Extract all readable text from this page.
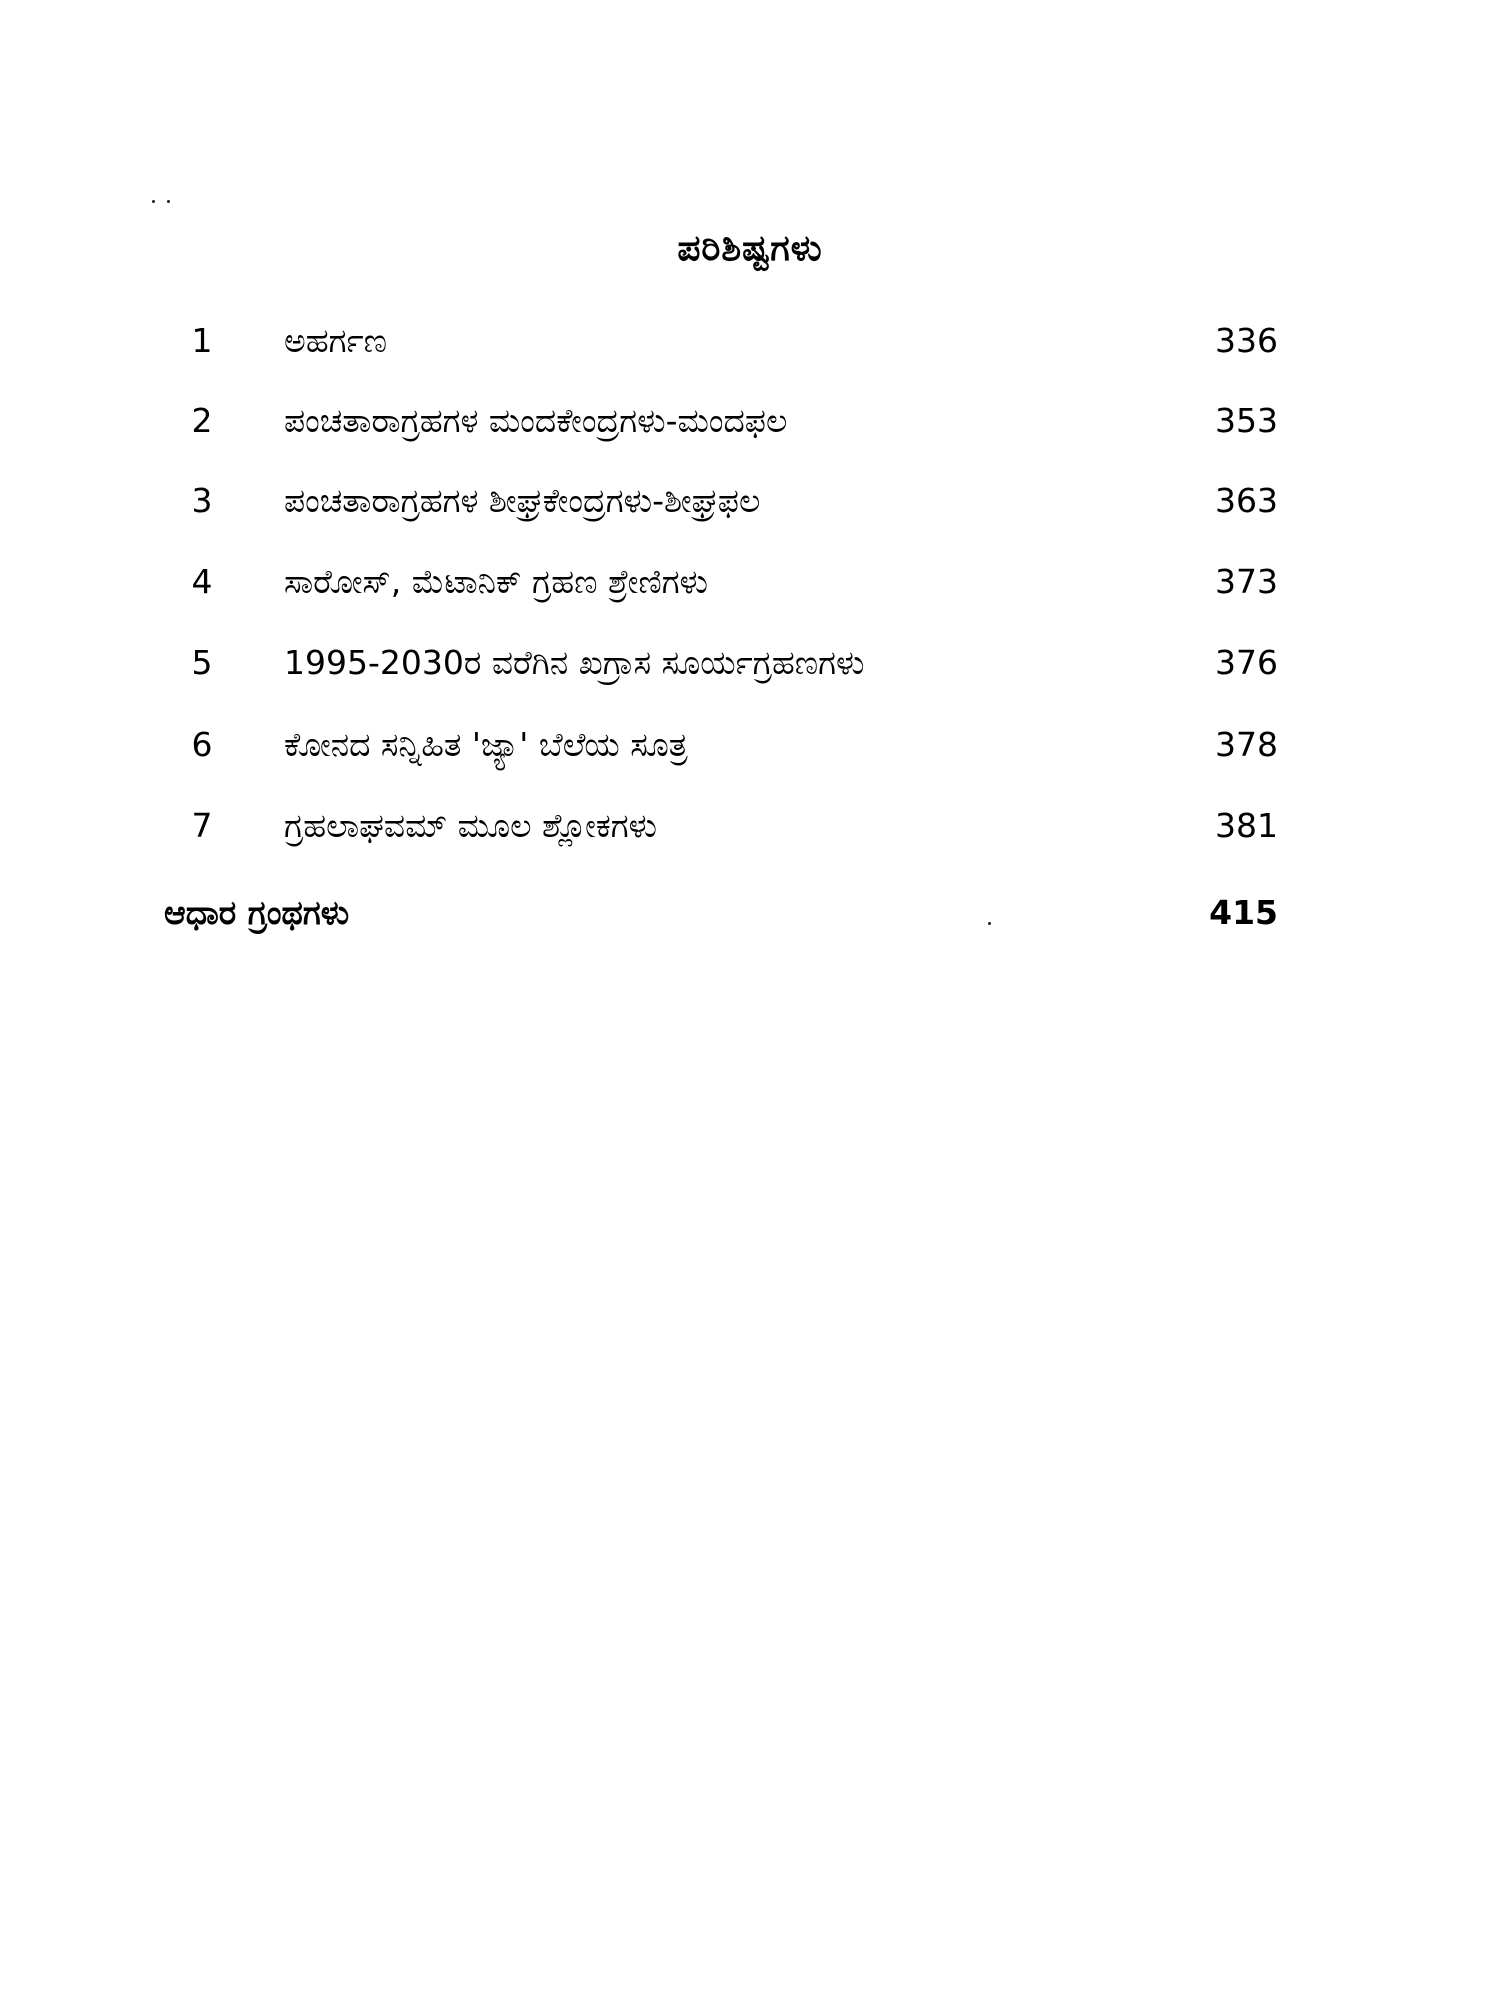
ಪರಿಶಿಷ್ಟಗಳು
1	ಅಹರ್ಗಣ	336
2	ಪಂಚತಾರಾಗ್ರಹಗಳ ಮಂದಕೇಂದ್ರಗಳು-ಮಂದಫಲ	353
3	ಪಂಚತಾರಾಗ್ರಹಗಳ ಶೀಘ್ರಕೇಂದ್ರಗಳು-ಶೀಘ್ರಫಲ	363
4	ಸಾರೋಸ್, ಮೆಟಾನಿಕ್ ಗ್ರಹಣ ಶ್ರೇಣಿಗಳು	373
5	1995-2030ರ ವರೆಗಿನ ಖಗ್ರಾಸ ಸೂರ್ಯಗ್ರಹಣಗಳು	376
6	ಕೋನದ ಸನ್ನಿಹಿತ 'ಜ್ಯಾ' ಬೆಲೆಯ ಸೂತ್ರ	378
7	ಗ್ರಹಲಾಘವಮ್ ಮೂಲ ಶ್ಲೋಕಗಳು	381
ಆಧಾರ ಗ್ರಂಥಗಳು	415
